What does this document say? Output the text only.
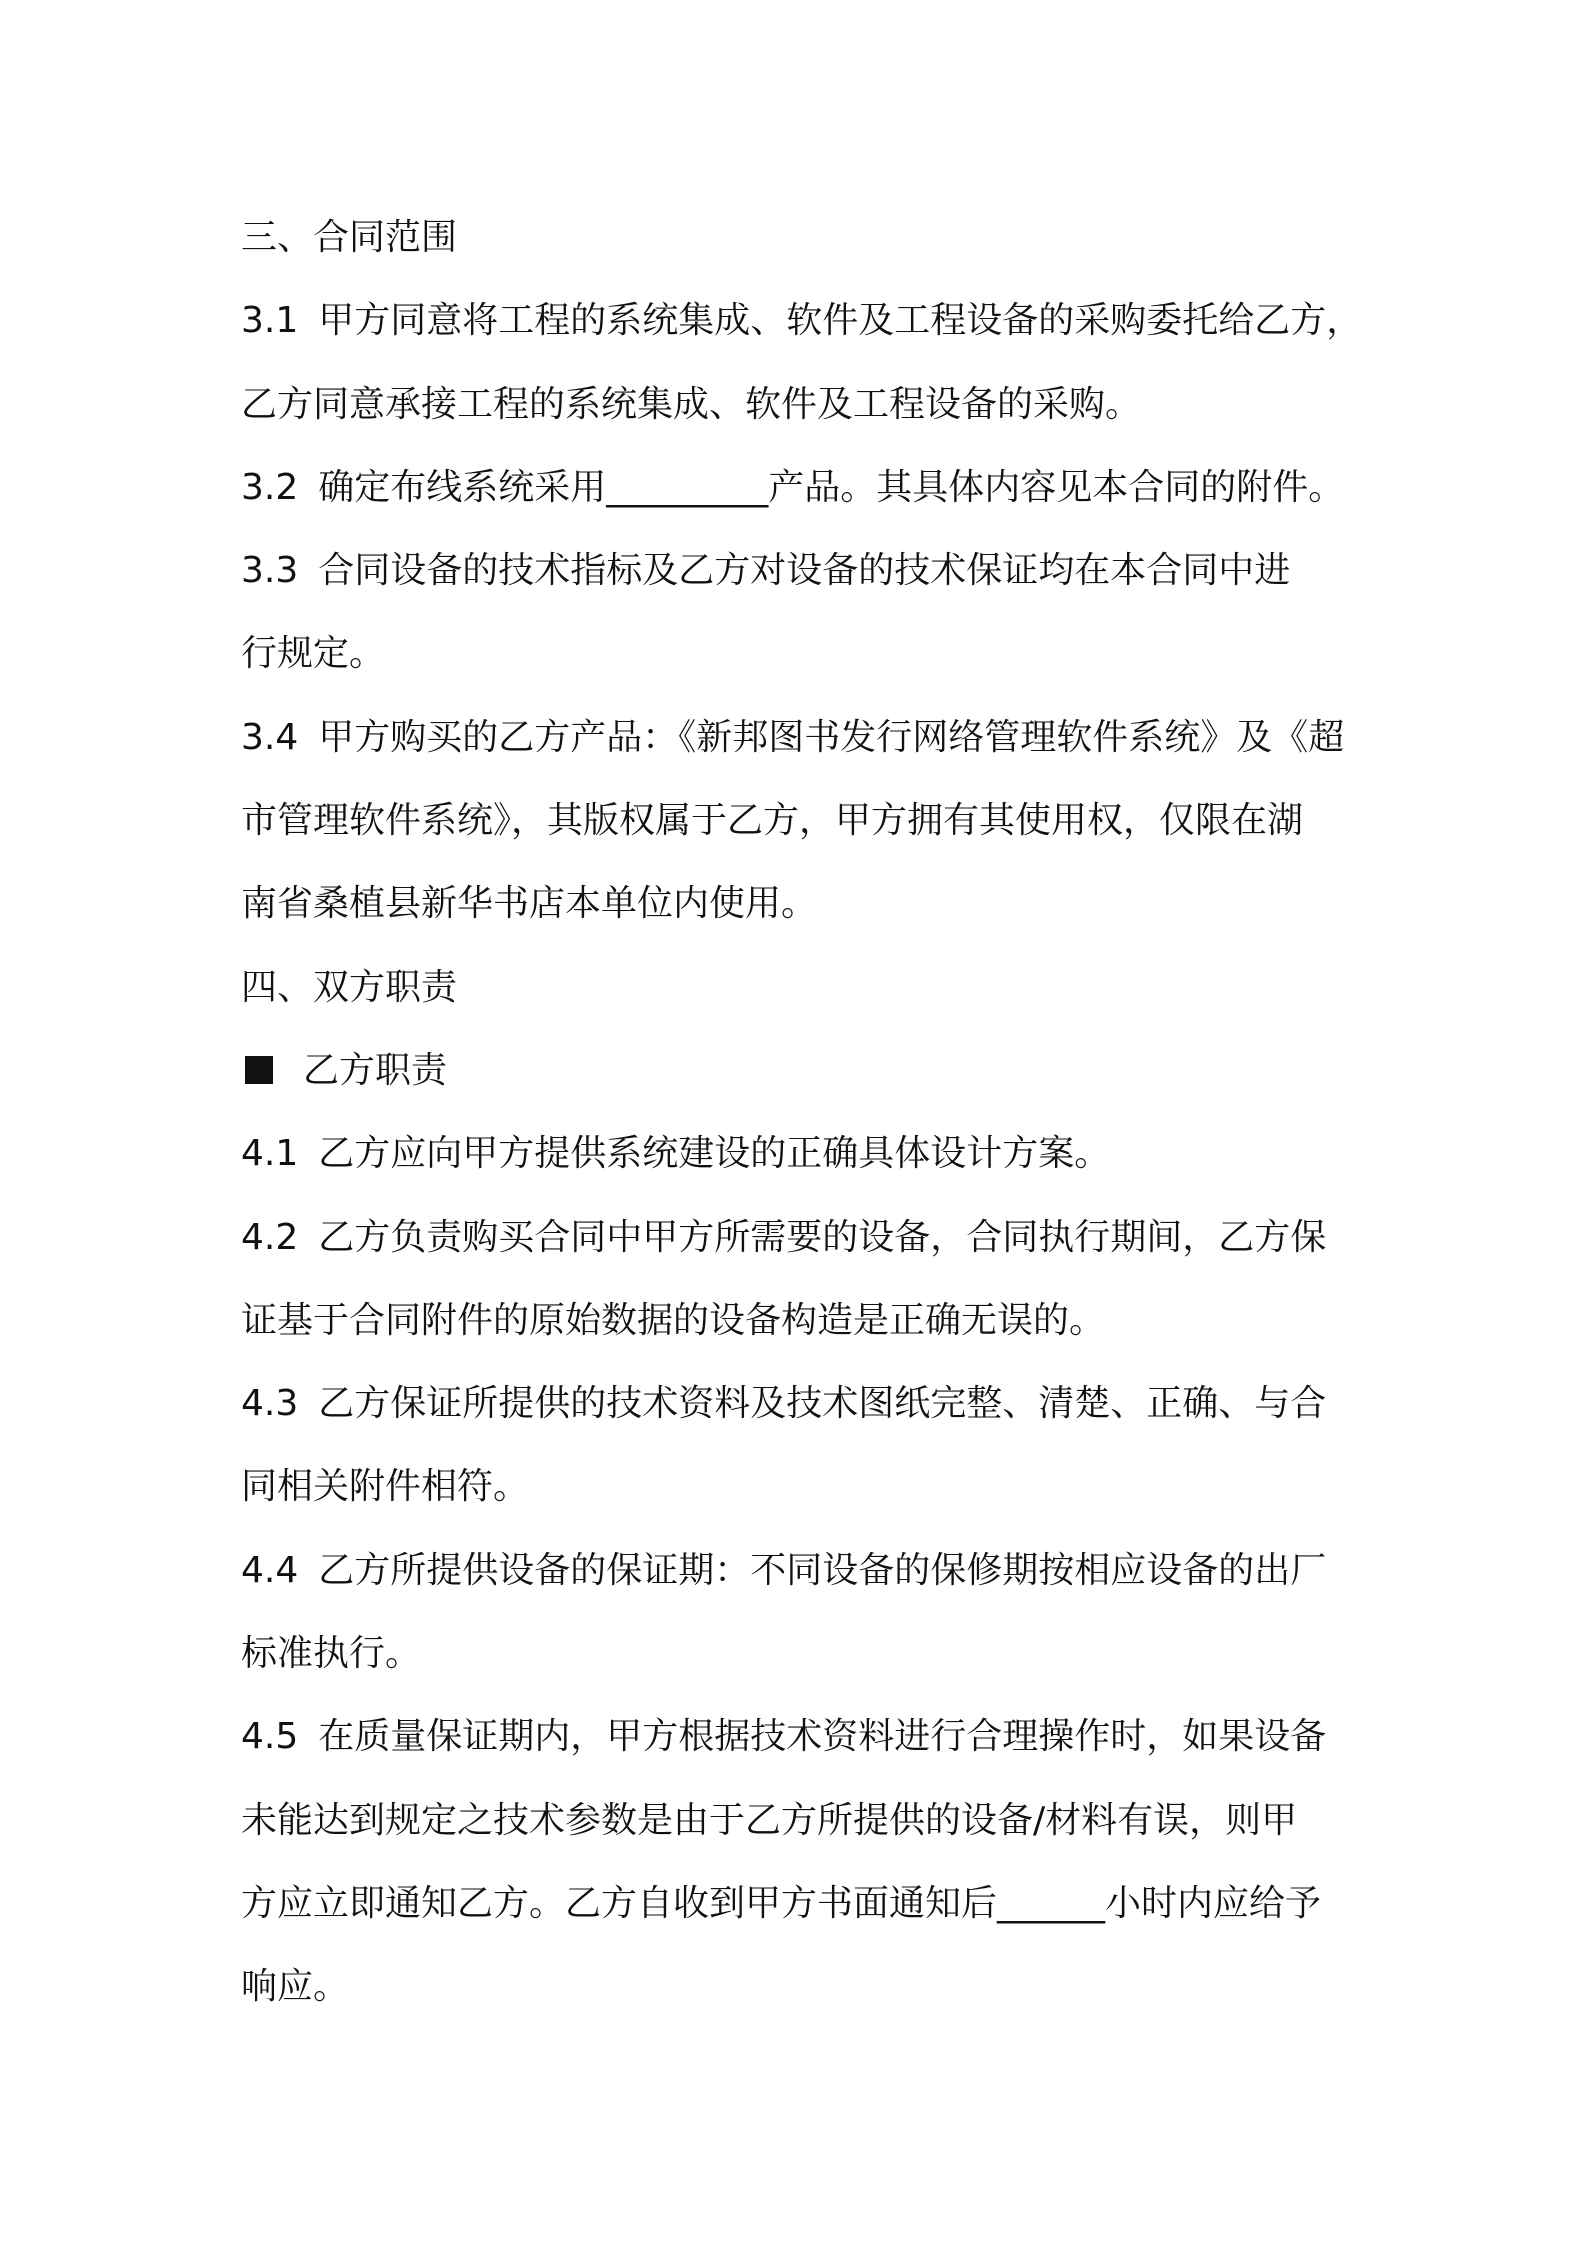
三、合同范围
3.1 甲方同意将工程的系统集成、软件及工程设备的采购委托给乙方，
乙方同意承接工程的系统集成、软件及工程设备的采购。
3.2 确定布线系统采用_________产品。其具体内容见本合同的附件。
3.3 合同设备的技术指标及乙方对设备的技术保证均在本合同中进
行规定。
3.4 甲方购买的乙方产品：《新邦图书发行网络管理软件系统》及《超
市管理软件系统》，其版权属于乙方，甲方拥有其使用权，仅限在湖
南省桑植县新华书店本单位内使用。
四、双方职责
乙方职责
4.1 乙方应向甲方提供系统建设的正确具体设计方案。
4.2 乙方负责购买合同中甲方所需要的设备，合同执行期间，乙方保
证基于合同附件的原始数据的设备构造是正确无误的。
4.3 乙方保证所提供的技术资料及技术图纸完整、清楚、正确、与合
同相关附件相符。
4.4 乙方所提供设备的保证期：不同设备的保修期按相应设备的出厂
标准执行。
4.5 在质量保证期内，甲方根据技术资料进行合理操作时，如果设备
未能达到规定之技术参数是由于乙方所提供的设备/材料有误，则甲
方应立即通知乙方。乙方自收到甲方书面通知后______小时内应给予
响应。
